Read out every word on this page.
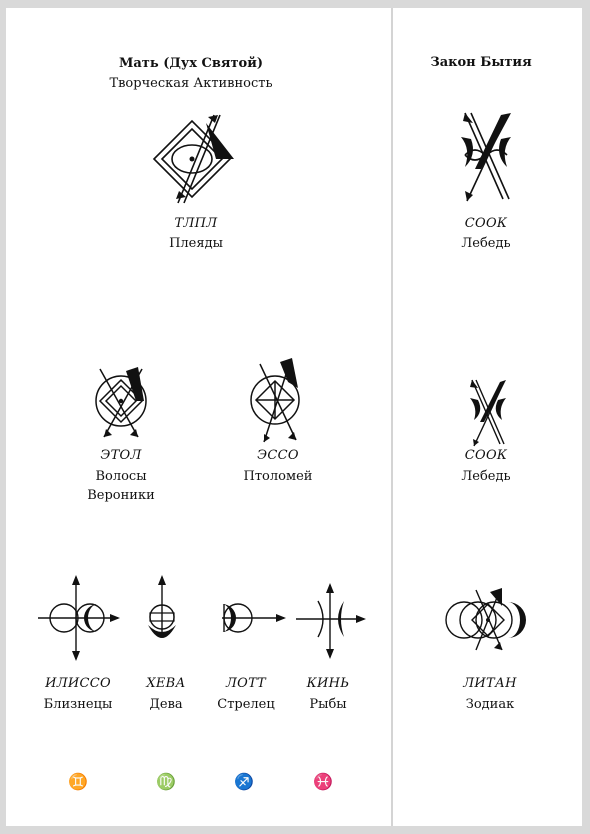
Мать (Дух Святой)
Творческая Активность
Закон Бытия
ТЛПЛ
Плеяды
СООК
Лебедь
ЭТОЛ
Волосы
Вероники
ЭССО
Птоломей
СООК
Лебедь
ИЛИССО
Близнецы
♊
ХЕВА
Дева
♍
ЛОТТ
Стрелец
♐
КИНЬ
Рыбы
♓
ЛИТАН
Зодиак
